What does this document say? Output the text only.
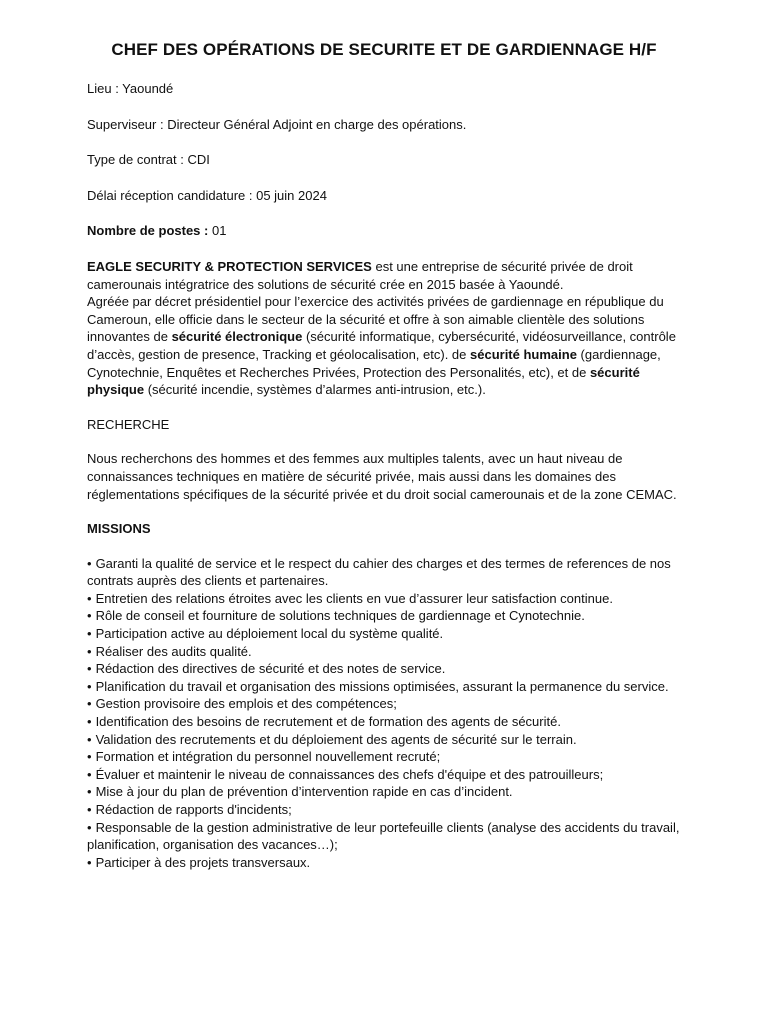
CHEF DES OPÉRATIONS DE SECURITE ET DE GARDIENNAGE H/F

Lieu : Yaoundé

Superviseur : Directeur Général Adjoint en charge des opérations.

Type de contrat : CDI

Délai réception candidature : 05 juin 2024

Nombre de postes : 01

EAGLE SECURITY & PROTECTION SERVICES est une entreprise de sécurité privée de droit camerounais intégratrice des solutions de sécurité crée en 2015 basée à Yaoundé.

Agréée par décret présidentiel pour l’exercice des activités privées de gardiennage en république du Cameroun, elle officie dans le secteur de la sécurité et offre à son aimable clientèle des solutions innovantes de sécurité électronique (sécurité informatique, cybersécurité, vidéosurveillance, contrôle d’accès, gestion de presence, Tracking et géolocalisation, etc). de sécurité humaine (gardiennage, Cynotechnie, Enquêtes et Recherches Privées, Protection des Personalités, etc), et de sécurité physique (sécurité incendie, systèmes d’alarmes anti-intrusion, etc.).

RECHERCHE

Nous recherchons des hommes et des femmes aux multiples talents, avec un haut niveau de connaissances techniques en matière de sécurité privée, mais aussi dans les domaines des réglementations spécifiques de la sécurité privée et du droit social camerounais et de la zone CEMAC.

MISSIONS

• Garanti la qualité de service et le respect du cahier des charges et des termes de references de nos contrats auprès des clients et partenaires.
• Entretien des relations étroites avec les clients en vue d’assurer leur satisfaction continue.
• Rôle de conseil et fourniture de solutions techniques de gardiennage et Cynotechnie.
• Participation active au déploiement local du système qualité.
• Réaliser des audits qualité.
• Rédaction des directives de sécurité et des notes de service.
• Planification du travail et organisation des missions optimisées, assurant la permanence du service.
• Gestion provisoire des emplois et des compétences;
• Identification des besoins de recrutement et de formation des agents de sécurité.
• Validation des recrutements et du déploiement des agents de sécurité sur le terrain.
• Formation et intégration du personnel nouvellement recruté;
• Évaluer et maintenir le niveau de connaissances des chefs d'équipe et des patrouilleurs;
• Mise à jour du plan de prévention d’intervention rapide en cas d’incident.
• Rédaction de rapports d'incidents;
• Responsable de la gestion administrative de leur portefeuille clients (analyse des accidents du travail, planification, organisation des vacances…);
• Participer à des projets transversaux.
